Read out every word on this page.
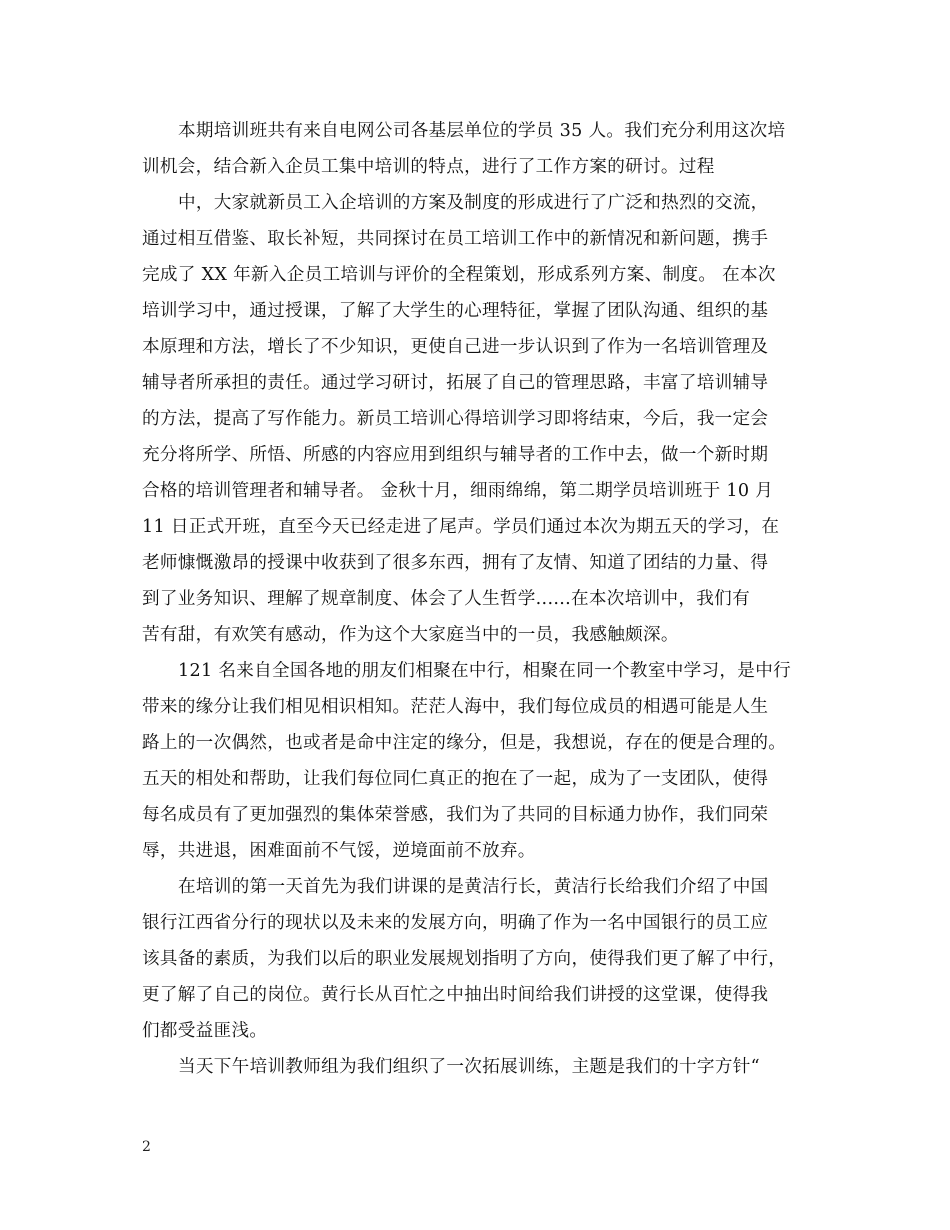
本期培训班共有来自电网公司各基层单位的学员 35 人。我们充分利用这次培
训机会，结合新入企员工集中培训的特点，进行了工作方案的研讨。过程
中，大家就新员工入企培训的方案及制度的形成进行了广泛和热烈的交流，
通过相互借鉴、取长补短，共同探讨在员工培训工作中的新情况和新问题，携手
完成了 XX 年新入企员工培训与评价的全程策划，形成系列方案、制度。 在本次
培训学习中，通过授课，了解了大学生的心理特征，掌握了团队沟通、组织的基
本原理和方法，增长了不少知识，更使自己进一步认识到了作为一名培训管理及
辅导者所承担的责任。通过学习研讨，拓展了自己的管理思路，丰富了培训辅导
的方法，提高了写作能力。新员工培训心得培训学习即将结束，今后，我一定会
充分将所学、所悟、所感的内容应用到组织与辅导者的工作中去，做一个新时期
合格的培训管理者和辅导者。 金秋十月，细雨绵绵，第二期学员培训班于 10 月
11 日正式开班，直至今天已经走进了尾声。学员们通过本次为期五天的学习，在
老师慷慨激昂的授课中收获到了很多东西，拥有了友情、知道了团结的力量、得
到了业务知识、理解了规章制度、体会了人生哲学......在本次培训中，我们有
苦有甜，有欢笑有感动，作为这个大家庭当中的一员，我感触颇深。
121 名来自全国各地的朋友们相聚在中行，相聚在同一个教室中学习，是中行
带来的缘分让我们相见相识相知。茫茫人海中，我们每位成员的相遇可能是人生
路上的一次偶然，也或者是命中注定的缘分，但是，我想说，存在的便是合理的。
五天的相处和帮助，让我们每位同仁真正的抱在了一起，成为了一支团队，使得
每名成员有了更加强烈的集体荣誉感，我们为了共同的目标通力协作，我们同荣
辱，共进退，困难面前不气馁，逆境面前不放弃。
在培训的第一天首先为我们讲课的是黄洁行长，黄洁行长给我们介绍了中国
银行江西省分行的现状以及未来的发展方向，明确了作为一名中国银行的员工应
该具备的素质，为我们以后的职业发展规划指明了方向，使得我们更了解了中行，
更了解了自己的岗位。黄行长从百忙之中抽出时间给我们讲授的这堂课，使得我
们都受益匪浅。
当天下午培训教师组为我们组织了一次拓展训练，主题是我们的十字方针“
2
